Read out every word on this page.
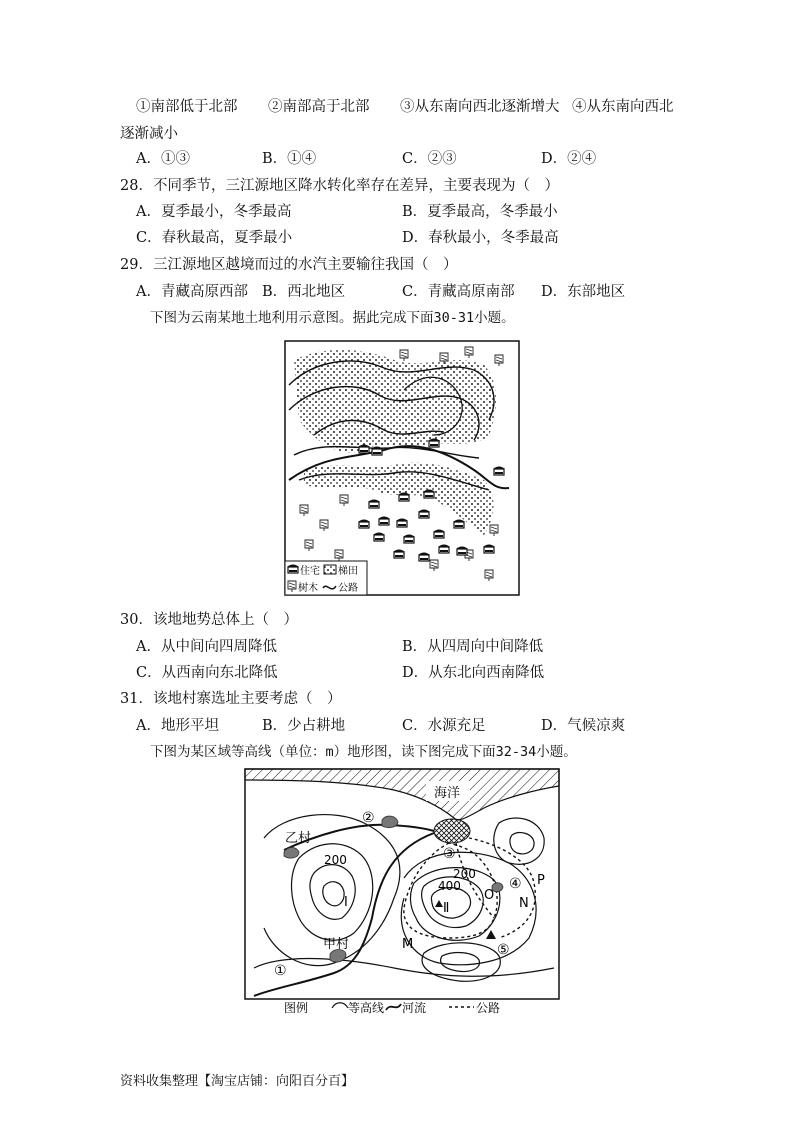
①南部低于北部 ②南部高于北部 ③从东南向西北逐渐增大 ④从东南向西北
逐渐减小
A．①③	B．①④	C．②③	D．②④
28．不同季节，三江源地区降水转化率存在差异，主要表现为（　）
A．夏季最小，冬季最高	B．夏季最高，冬季最小
C．春秋最高，夏季最小	D．春秋最小，冬季最高
29．三江源地区越境而过的水汽主要输往我国（　）
A．青藏高原西部 B．西北地区	C．青藏高原南部 D．东部地区
下图为云南某地土地利用示意图。据此完成下面30-31小题。
住宅 梯田
树木 公路
30．该地地势总体上（　）
A．从中间向四周降低	B．从四周向中间降低
C．从西南向东北降低	D．从东北向西南降低
31．该地村寨选址主要考虑（　）
A．地形平坦	B．少占耕地	C．水源充足	D．气候凉爽
下图为某区域等高线（单位：m）地形图，读下图完成下面32-34小题。
海洋
乙村
甲村
200
200
400
I	Ⅱ
①
②
③
④
⑤
M
N
O
P
图例	等高线 河流	公路
资料收集整理【淘宝店铺：向阳百分百】
